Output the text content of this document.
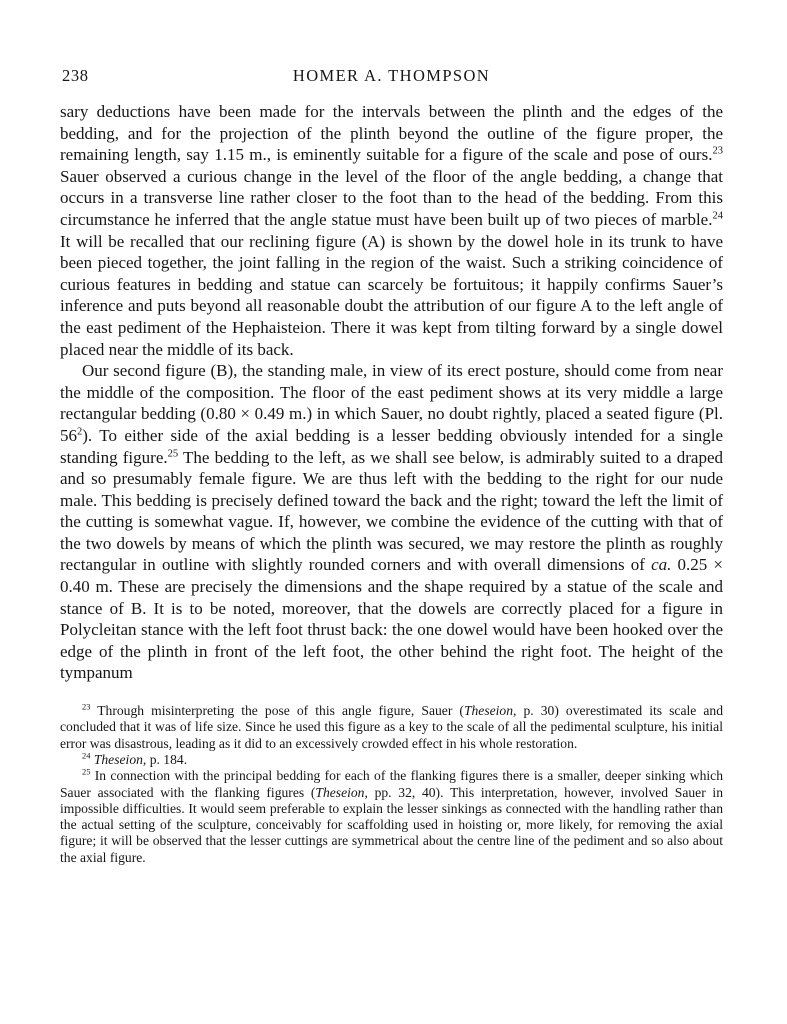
238	HOMER A. THOMPSON

sary deductions have been made for the intervals between the plinth and the edges of the bedding, and for the projection of the plinth beyond the outline of the figure proper, the remaining length, say 1.15 m., is eminently suitable for a figure of the scale and pose of ours.$^{23}$ Sauer observed a curious change in the level of the floor of the angle bedding, a change that occurs in a transverse line rather closer to the foot than to the head of the bedding. From this circumstance he inferred that the angle statue must have been built up of two pieces of marble.$^{24}$ It will be recalled that our reclining figure (A) is shown by the dowel hole in its trunk to have been pieced together, the joint falling in the region of the waist. Such a striking coincidence of curious features in bedding and statue can scarcely be fortuitous; it happily confirms Sauer’s inference and puts beyond all reasonable doubt the attribution of our figure A to the left angle of the east pediment of the Hephaisteion. There it was kept from tilting forward by a single dowel placed near the middle of its back.

Our second figure (B), the standing male, in view of its erect posture, should come from near the middle of the composition. The floor of the east pediment shows at its very middle a large rectangular bedding (0.80 × 0.49 m.) in which Sauer, no doubt rightly, placed a seated figure (Pl. $56^2$). To either side of the axial bedding is a lesser bedding obviously intended for a single standing figure.$^{25}$ The bedding to the left, as we shall see below, is admirably suited to a draped and so presumably female figure. We are thus left with the bedding to the right for our nude male. This bedding is precisely defined toward the back and the right; toward the left the limit of the cutting is somewhat vague. If, however, we combine the evidence of the cutting with that of the two dowels by means of which the plinth was secured, we may restore the plinth as roughly rectangular in outline with slightly rounded corners and with overall dimensions of ca. 0.25 × 0.40 m. These are precisely the dimensions and the shape required by a statue of the scale and stance of B. It is to be noted, moreover, that the dowels are correctly placed for a figure in Polycleitan stance with the left foot thrust back: the one dowel would have been hooked over the edge of the plinth in front of the left foot, the other behind the right foot. The height of the tympanum

$^{23}$ Through misinterpreting the pose of this angle figure, Sauer (Theseion, p. 30) overestimated its scale and concluded that it was of life size. Since he used this figure as a key to the scale of all the pedimental sculpture, his initial error was disastrous, leading as it did to an excessively crowded effect in his whole restoration.

$^{24}$ Theseion, p. 184.

$^{25}$ In connection with the principal bedding for each of the flanking figures there is a smaller, deeper sinking which Sauer associated with the flanking figures (Theseion, pp. 32, 40). This interpretation, however, involved Sauer in impossible difficulties. It would seem preferable to explain the lesser sinkings as connected with the handling rather than the actual setting of the sculpture, conceivably for scaffolding used in hoisting or, more likely, for removing the axial figure; it will be observed that the lesser cuttings are symmetrical about the centre line of the pediment and so also about the axial figure.
